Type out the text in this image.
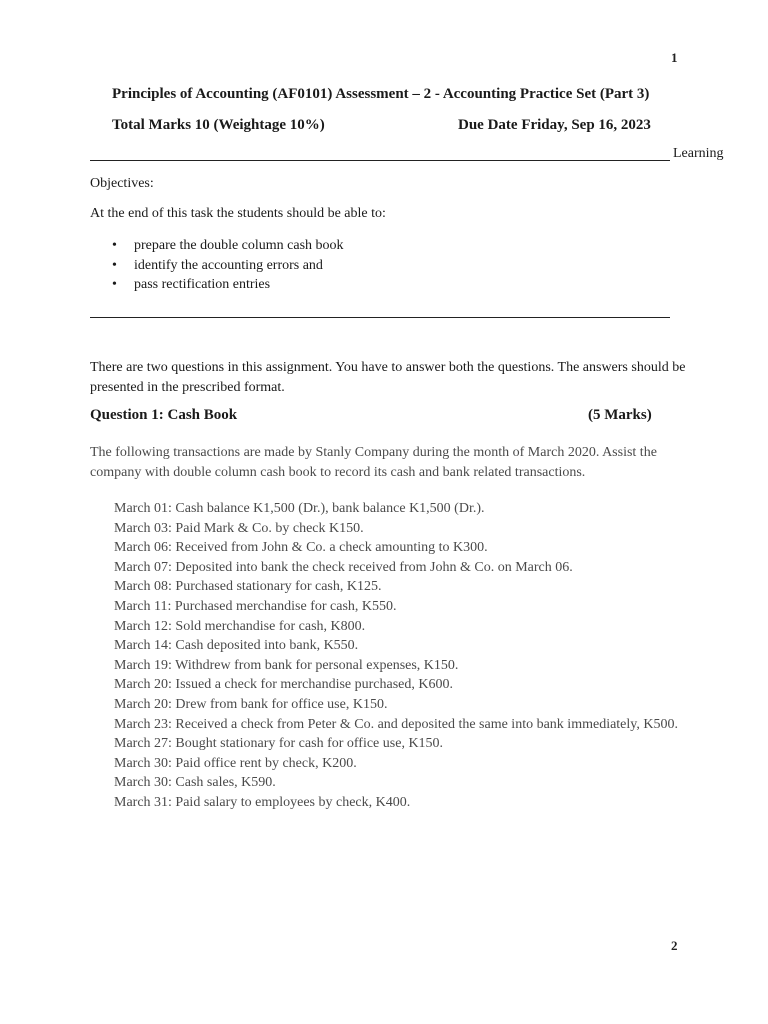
1
Principles of Accounting (AF0101) Assessment – 2 - Accounting Practice Set (Part 3)
Total Marks 10 (Weightage 10%)	Due Date Friday, Sep 16, 2023
Learning
Objectives:
At the end of this task the students should be able to:
• prepare the double column cash book
• identify the accounting errors and
• pass rectification entries
There are two questions in this assignment. You have to answer both the questions. The answers should be presented in the prescribed format.
Question 1: Cash Book	(5 Marks)
The following transactions are made by Stanly Company during the month of March 2020. Assist the company with double column cash book to record its cash and bank related transactions.
March 01: Cash balance K1,500 (Dr.), bank balance K1,500 (Dr.).
March 03: Paid Mark & Co. by check K150.
March 06: Received from John & Co. a check amounting to K300.
March 07: Deposited into bank the check received from John & Co. on March 06.
March 08: Purchased stationary for cash, K125.
March 11: Purchased merchandise for cash, K550.
March 12: Sold merchandise for cash, K800.
March 14: Cash deposited into bank, K550.
March 19: Withdrew from bank for personal expenses, K150.
March 20: Issued a check for merchandise purchased, K600.
March 20: Drew from bank for office use, K150.
March 23: Received a check from Peter & Co. and deposited the same into bank immediately, K500.
March 27: Bought stationary for cash for office use, K150.
March 30: Paid office rent by check, K200.
March 30: Cash sales, K590.
March 31: Paid salary to employees by check, K400.
2
